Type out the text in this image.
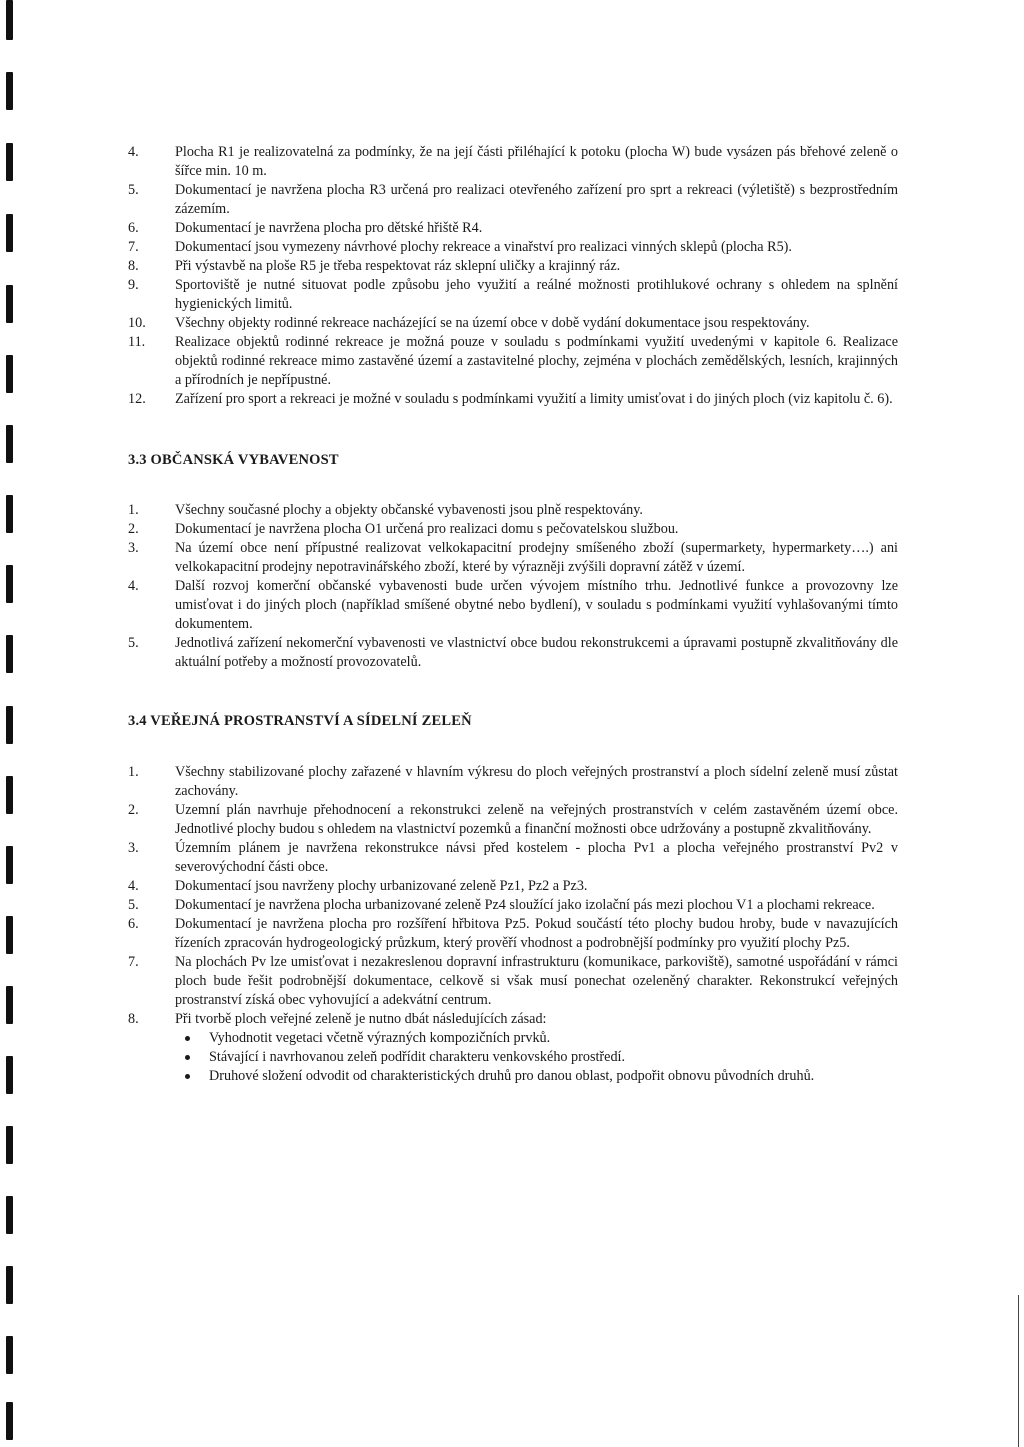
4.	Plocha R1 je realizovatelná za podmínky, že na její části přiléhající k potoku (plocha W) bude vysázen pás břehové zeleně o šířce min. 10 m.
5.	Dokumentací je navržena plocha R3 určená pro realizaci otevřeného zařízení pro sprt a rekreaci (výletiště) s bezprostředním zázemím.
6.	Dokumentací je navržena plocha pro dětské hřiště R4.
7.	Dokumentací jsou vymezeny návrhové plochy rekreace a vinařství pro realizaci vinných sklepů (plocha R5).
8.	Při výstavbě na ploše R5 je třeba respektovat ráz sklepní uličky a krajinný ráz.
9.	Sportoviště je nutné situovat podle způsobu jeho využití a reálné možnosti protihlukové ochrany s ohledem na splnění hygienických limitů.
10. Všechny objekty rodinné rekreace nacházející se na území obce v době vydání dokumentace jsou respektovány.
11. Realizace objektů rodinné rekreace je možná pouze v souladu s podmínkami využití uvedenými v kapitole 6. Realizace objektů rodinné rekreace mimo zastavěné území a zastavitelné plochy, zejména v plochách zemědělských, lesních, krajinných a přírodních je nepřípustné.
12. Zařízení pro sport a rekreaci je možné v souladu s podmínkami využití a limity umisťovat i do jiných ploch (viz kapitolu č. 6).
3.3 OBČANSKÁ VYBAVENOST
1.	Všechny současné plochy a objekty občanské vybavenosti jsou plně respektovány.
2.	Dokumentací je navržena plocha O1 určená pro realizaci domu s pečovatelskou službou.
3.	Na území obce není přípustné realizovat velkokapacitní prodejny smíšeného zboží (supermarkety, hypermarkety….) ani velkokapacitní prodejny nepotravinářského zboží, které by výrazněji zvýšili dopravní zátěž v území.
4.	Další rozvoj komerční občanské vybavenosti bude určen vývojem místního trhu. Jednotlivé funkce a provozovny lze umisťovat i do jiných ploch (například smíšené obytné nebo bydlení), v souladu s podmínkami využití vyhlašovanými tímto dokumentem.
5.	Jednotlivá zařízení nekomerční vybavenosti ve vlastnictví obce budou rekonstrukcemi a úpravami postupně zkvalitňovány dle aktuální potřeby a možností provozovatelů.
3.4 VEŘEJNÁ PROSTRANSTVÍ A SÍDELNÍ ZELEŇ
1.	Všechny stabilizované plochy zařazené v hlavním výkresu do ploch veřejných prostranství a ploch sídelní zeleně musí zůstat zachovány.
2.	Uzemní plán navrhuje přehodnocení a rekonstrukci zeleně na veřejných prostranstvích v celém zastavěném území obce. Jednotlivé plochy budou s ohledem na vlastnictví pozemků a finanční možnosti obce udržovány a postupně zkvalitňovány.
3.	Územním plánem je navržena rekonstrukce návsi před kostelem - plocha Pv1 a plocha veřejného prostranství Pv2 v severovýchodní části obce.
4.	Dokumentací jsou navrženy plochy urbanizované zeleně Pz1, Pz2 a Pz3.
5.	Dokumentací je navržena plocha urbanizované zeleně Pz4 sloužící jako izolační pás mezi plochou V1 a plochami rekreace.
6.	Dokumentací je navržena plocha pro rozšíření hřbitova Pz5. Pokud součástí této plochy budou hroby, bude v navazujících řízeních zpracován hydrogeologický průzkum, který prověří vhodnost a podrobnější podmínky pro využití plochy Pz5.
7.	Na plochách Pv lze umisťovat i nezakreslenou dopravní infrastrukturu (komunikace, parkoviště), samotné uspořádání v rámci ploch bude řešit podrobnější dokumentace, celkově si však musí ponechat ozeleněný charakter. Rekonstrukcí veřejných prostranství získá obec vyhovující a adekvátní centrum.
8.	Při tvorbě ploch veřejné zeleně je nutno dbát následujících zásad:
Vyhodnotit vegetaci včetně výrazných kompozičních prvků.
Stávající i navrhovanou zeleň podřídit charakteru venkovského prostředí.
Druhové složení odvodit od charakteristických druhů pro danou oblast, podpořit obnovu původních druhů.
